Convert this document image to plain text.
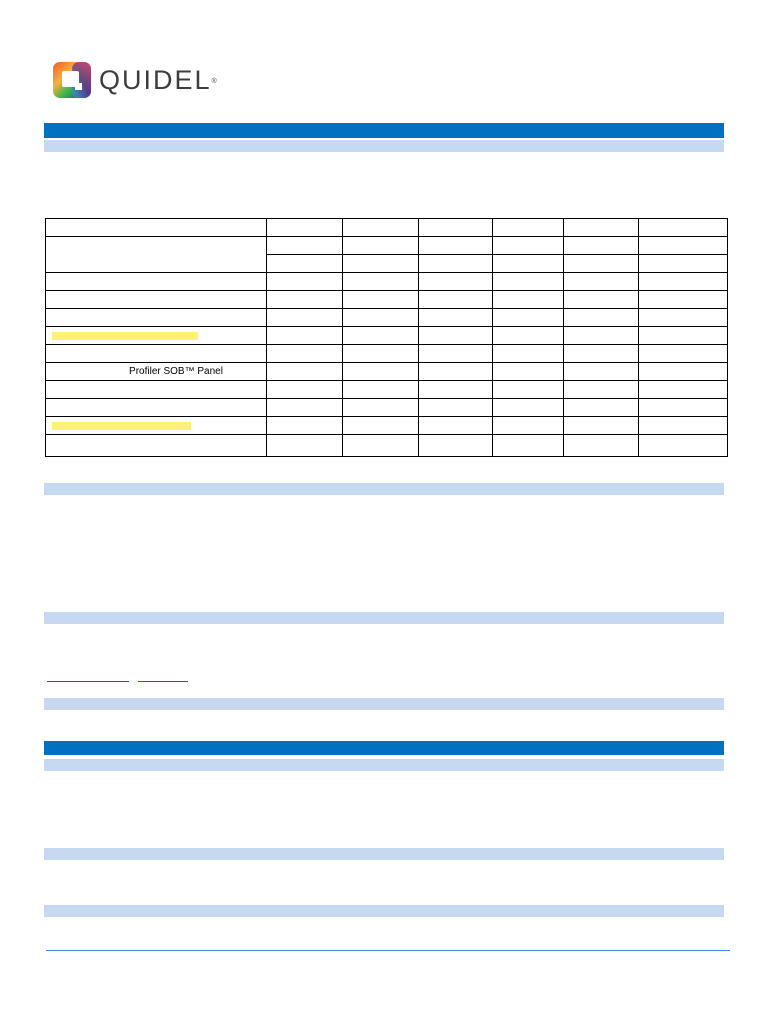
QUIDEL®

Profiler SOB™ Panel						
